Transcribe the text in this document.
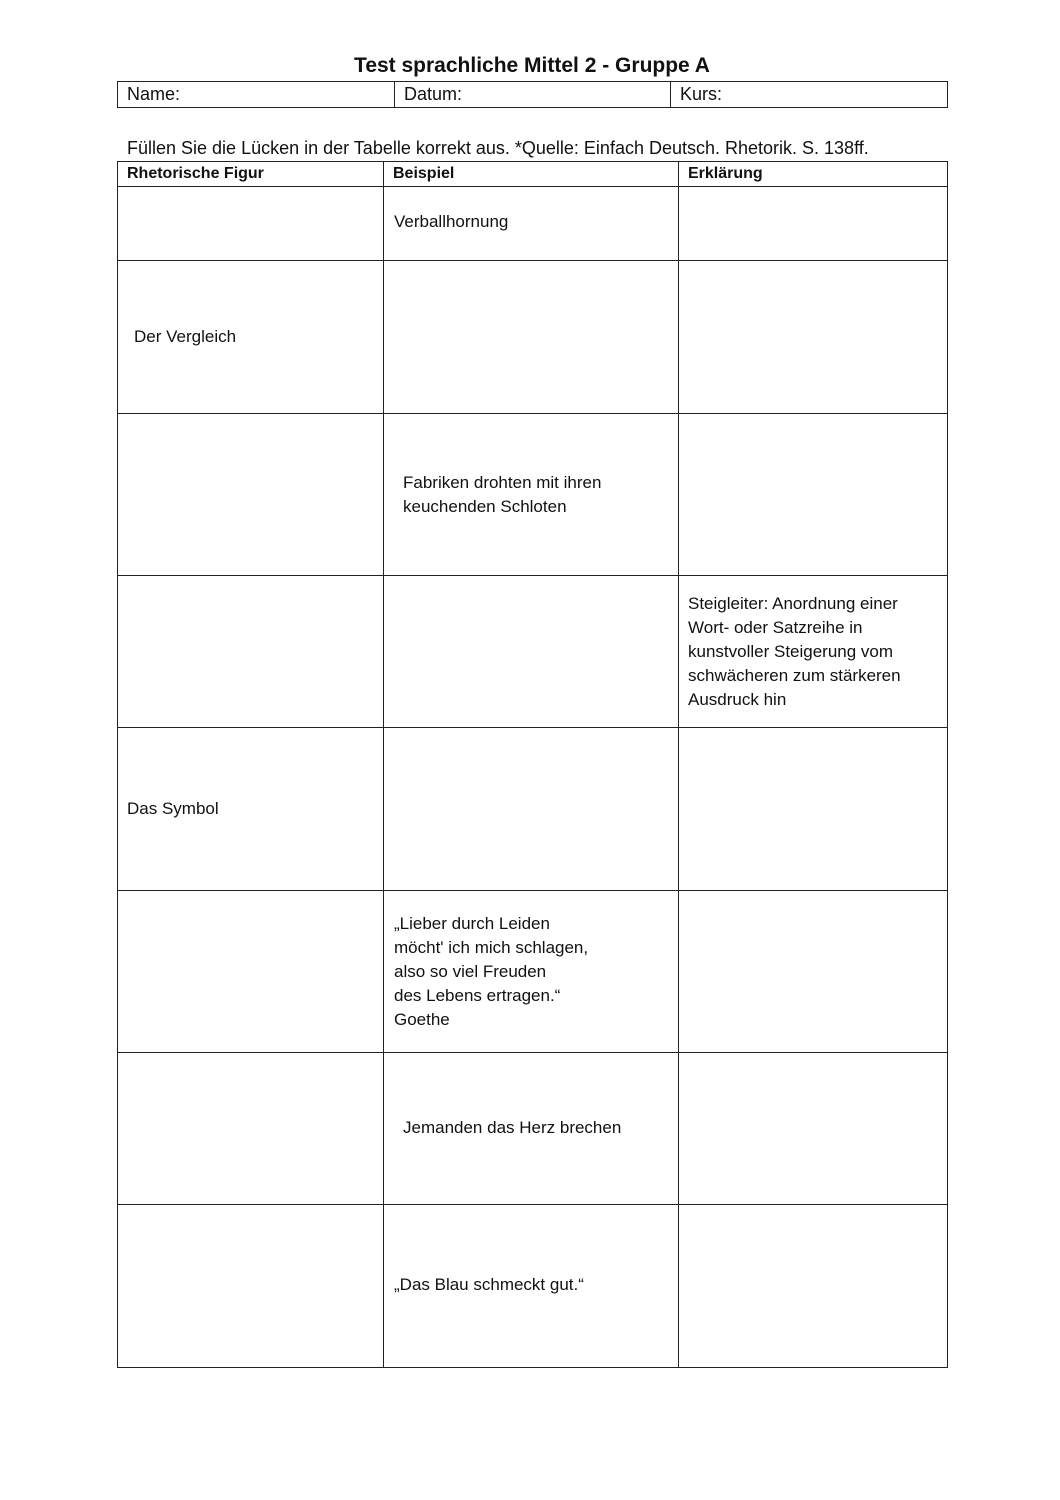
Test sprachliche Mittel 2 - Gruppe A
Name:	Datum:	Kurs:
Füllen Sie die Lücken in der Tabelle korrekt aus. *Quelle: Einfach Deutsch. Rhetorik. S. 138ff.
Rhetorische Figur	Beispiel	Erklärung

	Verballhornung	

Der Vergleich		

	Fabriken drohten mit ihren
keuchenden Schloten	

		Steigleiter: Anordnung einer
Wort- oder Satzreihe in
kunstvoller Steigerung vom
schwächeren zum stärkeren
Ausdruck hin

Das Symbol		

	„Lieber durch Leiden
möcht' ich mich schlagen,
also so viel Freuden
des Lebens ertragen.“
Goethe	

	Jemanden das Herz brechen	

	„Das Blau schmeckt gut.“	
